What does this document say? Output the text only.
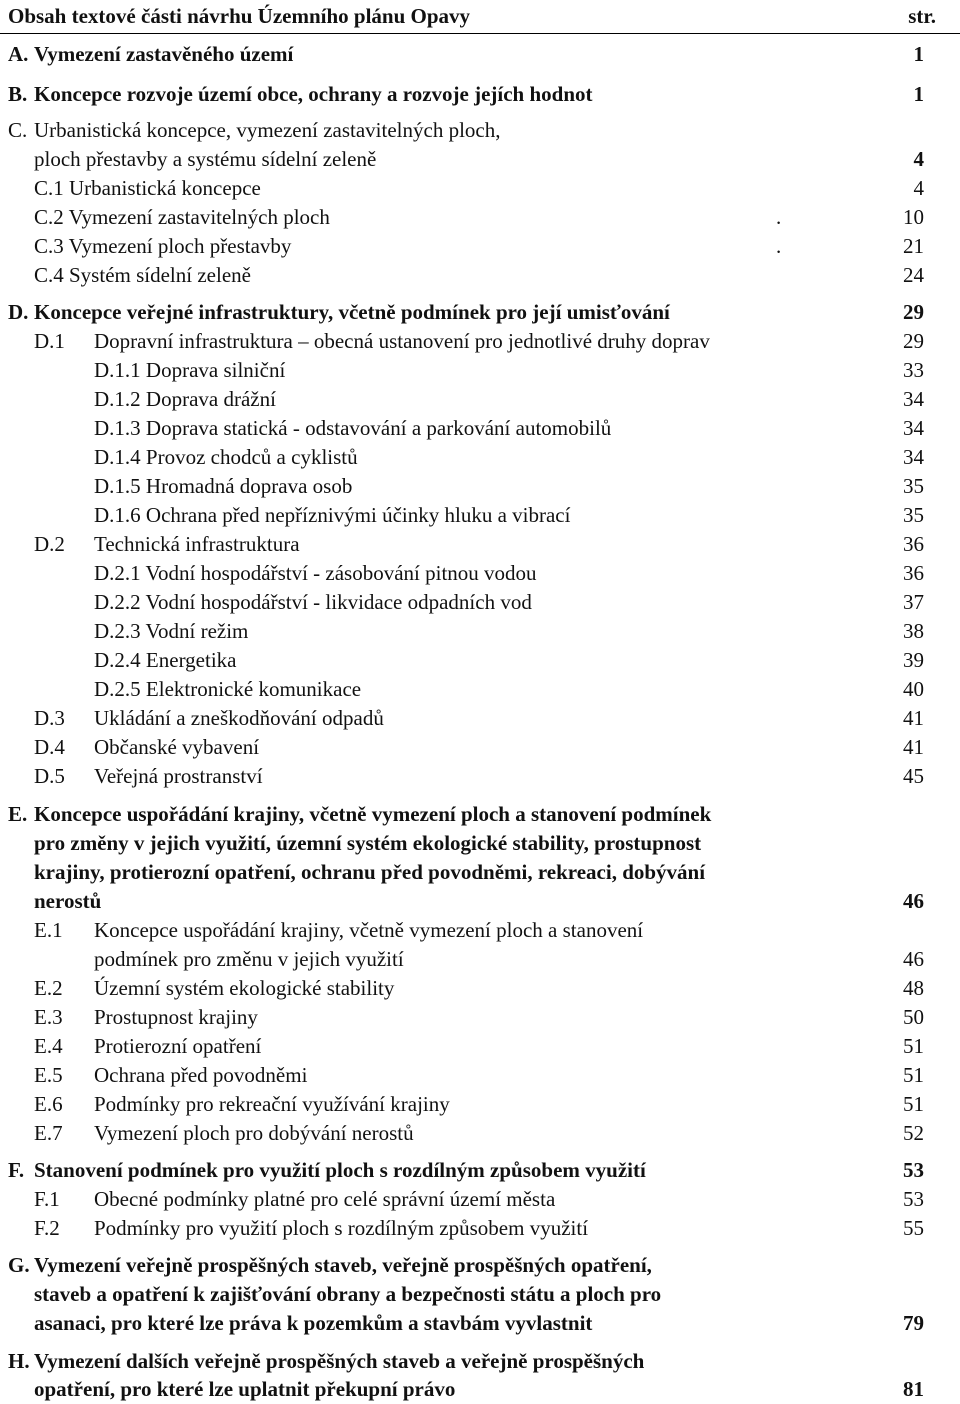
Obsah textové části návrhu Územního plánu Opavy	str.
A. Vymezení zastavěného území	1
B. Koncepce rozvoje území obce, ochrany a rozvoje jejích hodnot	1
C. Urbanistická koncepce, vymezení zastavitelných ploch,
ploch přestavby a systému sídelní zeleně	4
C.1 Urbanistická koncepce	4
C.2 Vymezení zastavitelných ploch	.	10
C.3 Vymezení ploch přestavby	.	21
C.4 Systém sídelní zeleně	24
D. Koncepce veřejné infrastruktury, včetně podmínek pro její umisťování	29
D.1 Dopravní infrastruktura – obecná ustanovení pro jednotlivé druhy doprav	29
D.1.1 Doprava silniční	33
D.1.2 Doprava drážní	34
D.1.3 Doprava statická - odstavování a parkování automobilů	34
D.1.4 Provoz chodců a cyklistů	34
D.1.5 Hromadná doprava osob	35
D.1.6 Ochrana před nepříznivými účinky hluku a vibrací	35
D.2 Technická infrastruktura	36
D.2.1 Vodní hospodářství - zásobování pitnou vodou	36
D.2.2 Vodní hospodářství - likvidace odpadních vod	37
D.2.3 Vodní režim	38
D.2.4 Energetika	39
D.2.5 Elektronické komunikace	40
D.3 Ukládání a zneškodňování odpadů	41
D.4 Občanské vybavení	41
D.5 Veřejná prostranství	45
E. Koncepce uspořádání krajiny, včetně vymezení ploch a stanovení podmínek
pro změny v jejich využití, územní systém ekologické stability, prostupnost
krajiny, protierozní opatření, ochranu před povodněmi, rekreaci, dobývání
nerostů	46
E.1 Koncepce uspořádání krajiny, včetně vymezení ploch a stanovení
podmínek pro změnu v jejich využití	46
E.2 Územní systém ekologické stability	48
E.3 Prostupnost krajiny	50
E.4 Protierozní opatření	51
E.5 Ochrana před povodněmi	51
E.6 Podmínky pro rekreační využívání krajiny	51
E.7 Vymezení ploch pro dobývání nerostů	52
F. Stanovení podmínek pro využití ploch s rozdílným způsobem využití	53
F.1 Obecné podmínky platné pro celé správní území města	53
F.2 Podmínky pro využití ploch s rozdílným způsobem využití	55
G. Vymezení veřejně prospěšných staveb, veřejně prospěšných opatření,
staveb a opatření k zajišťování obrany a bezpečnosti státu a ploch pro
asanaci, pro které lze práva k pozemkům a stavbám vyvlastnit	79
H. Vymezení dalších veřejně prospěšných staveb a veřejně prospěšných
opatření, pro které lze uplatnit překupní právo	81
